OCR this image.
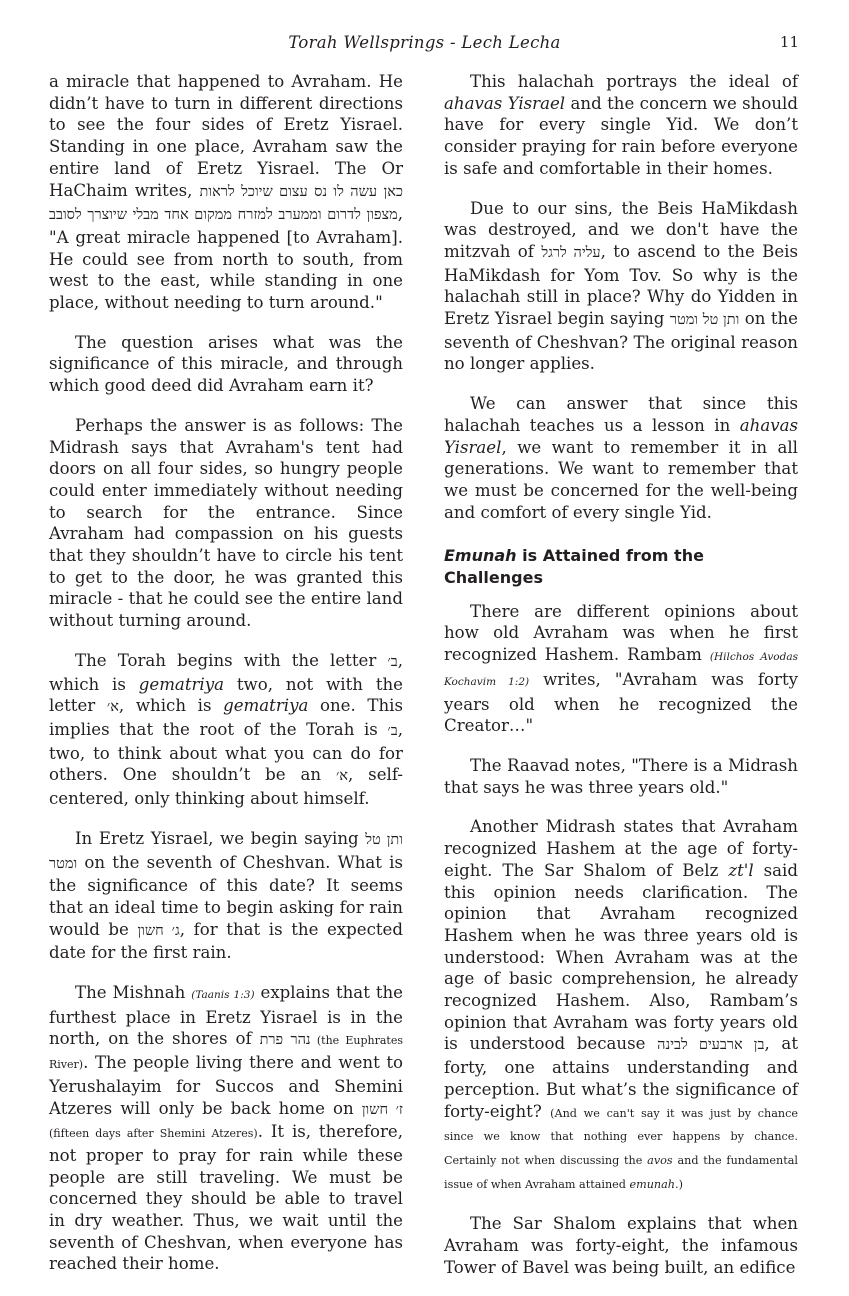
Torah Wellsprings - Lech Lecha	11

a miracle that happened to Avraham. He didn’t have to turn in different directions to see the four sides of Eretz Yisrael. Standing in one place, Avraham saw the entire land of Eretz Yisrael. The Or HaChaim writes, כאן עשה לו נס עצום שיוכל לראות מצפון לדרום וממערב למזרח ממקום אחד מבלי שיוצרך לסובב, "A great miracle happened [to Avraham]. He could see from north to south, from west to the east, while standing in one place, without needing to turn around."

The question arises what was the significance of this miracle, and through which good deed did Avraham earn it?

Perhaps the answer is as follows: The Midrash says that Avraham's tent had doors on all four sides, so hungry people could enter immediately without needing to search for the entrance. Since Avraham had compassion on his guests that they shouldn’t have to circle his tent to get to the door, he was granted this miracle - that he could see the entire land without turning around.

The Torah begins with the letter ב׳, which is gematriya two, not with the letter א׳, which is gematriya one. This implies that the root of the Torah is ב׳, two, to think about what you can do for others. One shouldn’t be an א׳, self-centered, only thinking about himself.

In Eretz Yisrael, we begin saying ותן טל ומטר on the seventh of Cheshvan. What is the significance of this date? It seems that an ideal time to begin asking for rain would be ג׳ חשון, for that is the expected date for the first rain.

The Mishnah (Taanis 1:3) explains that the furthest place in Eretz Yisrael is in the north, on the shores of נהר פרת (the Euphrates River). The people living there and went to Yerushalayim for Succos and Shemini Atzeres will only be back home on ז׳ חשון (fifteen days after Shemini Atzeres). It is, therefore, not proper to pray for rain while these people are still traveling. We must be concerned they should be able to travel in dry weather. Thus, we wait until the seventh of Cheshvan, when everyone has reached their home.

This halachah portrays the ideal of ahavas Yisrael and the concern we should have for every single Yid. We don’t consider praying for rain before everyone is safe and comfortable in their homes.

Due to our sins, the Beis HaMikdash was destroyed, and we don't have the mitzvah of עליה לרגל, to ascend to the Beis HaMikdash for Yom Tov. So why is the halachah still in place? Why do Yidden in Eretz Yisrael begin saying ותן טל ומטר on the seventh of Cheshvan? The original reason no longer applies.

We can answer that since this halachah teaches us a lesson in ahavas Yisrael, we want to remember it in all generations. We want to remember that we must be concerned for the well-being and comfort of every single Yid.

Emunah is Attained from the Challenges

There are different opinions about how old Avraham was when he first recognized Hashem. Rambam (Hilchos Avodas Kochavim 1:2) writes, "Avraham was forty years old when he recognized the Creator…"

The Raavad notes, "There is a Midrash that says he was three years old."

Another Midrash states that Avraham recognized Hashem at the age of forty-eight. The Sar Shalom of Belz zt'l said this opinion needs clarification. The opinion that Avraham recognized Hashem when he was three years old is understood: When Avraham was at the age of basic comprehension, he already recognized Hashem. Also, Rambam’s opinion that Avraham was forty years old is understood because בן ארבעים לבינה, at forty, one attains understanding and perception. But what’s the significance of forty-eight? (And we can't say it was just by chance since we know that nothing ever happens by chance. Certainly not when discussing the avos and the fundamental issue of when Avraham attained emunah.)

The Sar Shalom explains that when Avraham was forty-eight, the infamous Tower of Bavel was being built, an edifice
